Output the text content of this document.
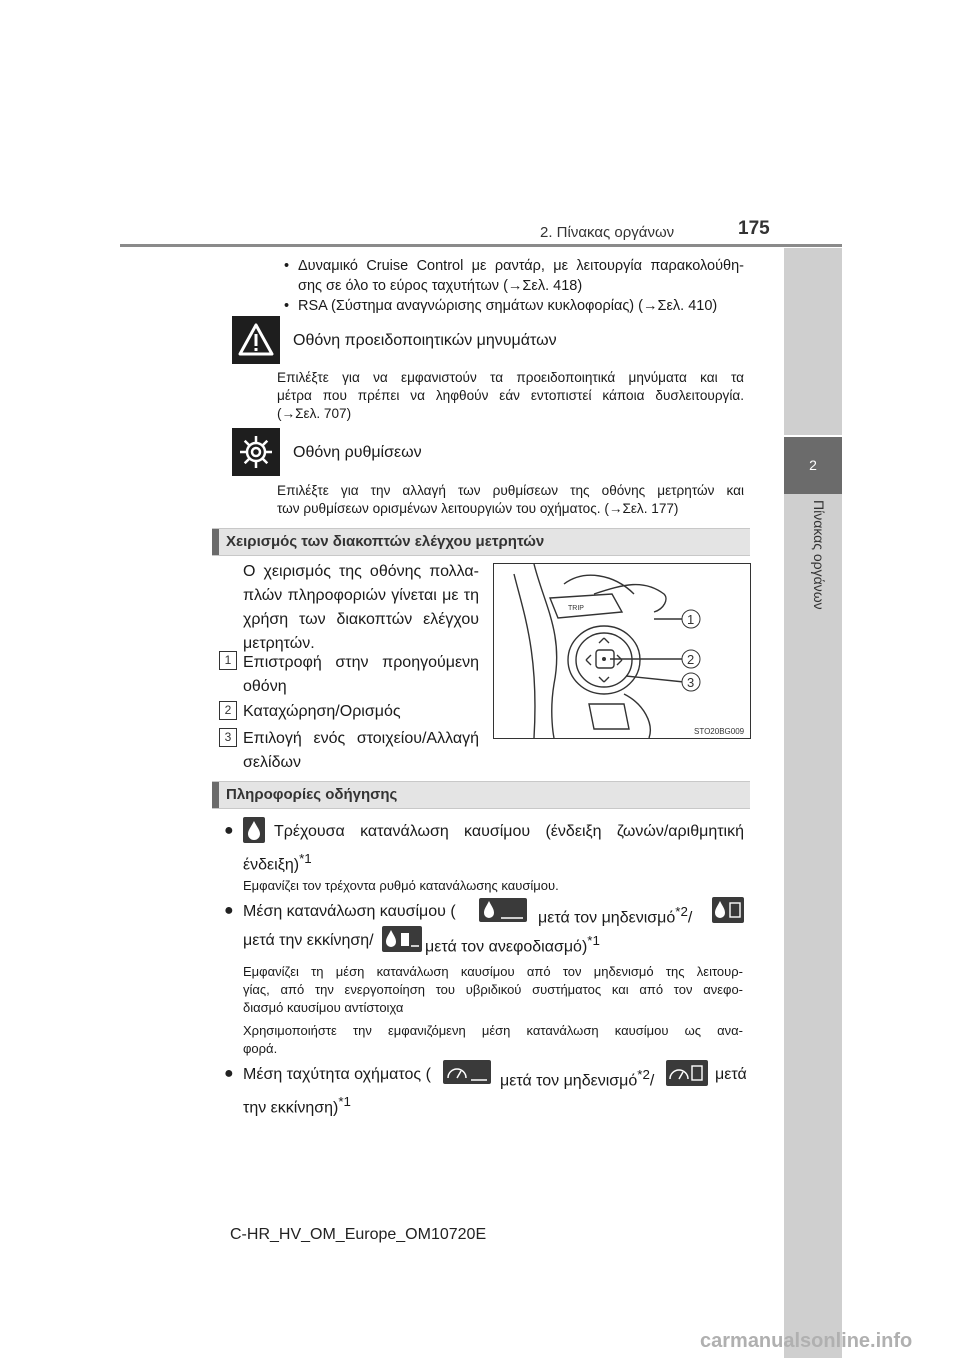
2. Πίνακας οργάνων	175
2
Πίνακας οργάνων
• Δυναμικό Cruise Control με ραντάρ, με λειτουργία παρακολούθη-
σης σε όλο το εύρος ταχυτήτων (→Σελ. 418)
• RSA (Σύστημα αναγνώρισης σημάτων κυκλοφορίας) (→Σελ. 410)
Οθόνη προειδοποιητικών μηνυμάτων
Επιλέξτε για να εμφανιστούν τα προειδοποιητικά μηνύματα και τα
μέτρα που πρέπει να ληφθούν εάν εντοπιστεί κάποια δυσλειτουργία.
(→Σελ. 707)
Οθόνη ρυθμίσεων
Επιλέξτε για την αλλαγή των ρυθμίσεων της οθόνης μετρητών και
των ρυθμίσεων ορισμένων λειτουργιών του οχήματος. (→Σελ. 177)
Χειρισμός των διακοπτών ελέγχου μετρητών
Ο χειρισμός της οθόνης πολλα-
πλών πληροφοριών γίνεται με τη
χρήση των διακοπτών ελέγχου
μετρητών.
1 Επιστροφή στην προηγούμενη
οθόνη
2 Καταχώρηση/Ορισμός
3 Επιλογή ενός στοιχείου/Αλλαγή
σελίδων
TRIP
1
2
3
STO20BG009
Πληροφορίες οδήγησης
●	Τρέχουσα κατανάλωση καυσίμου (ένδειξη ζωνών/αριθμητική
ένδειξη)$^{*1}$
Εμφανίζει τον τρέχοντα ρυθμό κατανάλωσης καυσίμου.
● Μέση κατανάλωση καυσίμου (	μετά τον μηδενισμό$^{*2}$/
μετά την εκκίνηση/	μετά τον ανεφοδιασμό)$^{*1}$
Εμφανίζει τη μέση κατανάλωση καυσίμου από τον μηδενισμό της λειτουρ-
γίας, από την ενεργοποίηση του υβριδικού συστήματος και από τον ανεφο-
διασμό καυσίμου αντίστοιχα
Χρησιμοποιήστε την εμφανιζόμενη μέση κατανάλωση καυσίμου ως ανα-
φορά.
● Μέση ταχύτητα οχήματος (	μετά τον μηδενισμό$^{*2}$/	μετά
την εκκίνηση)$^{*1}$
C-HR_HV_OM_Europe_OM10720E
carmanualsonline.info
